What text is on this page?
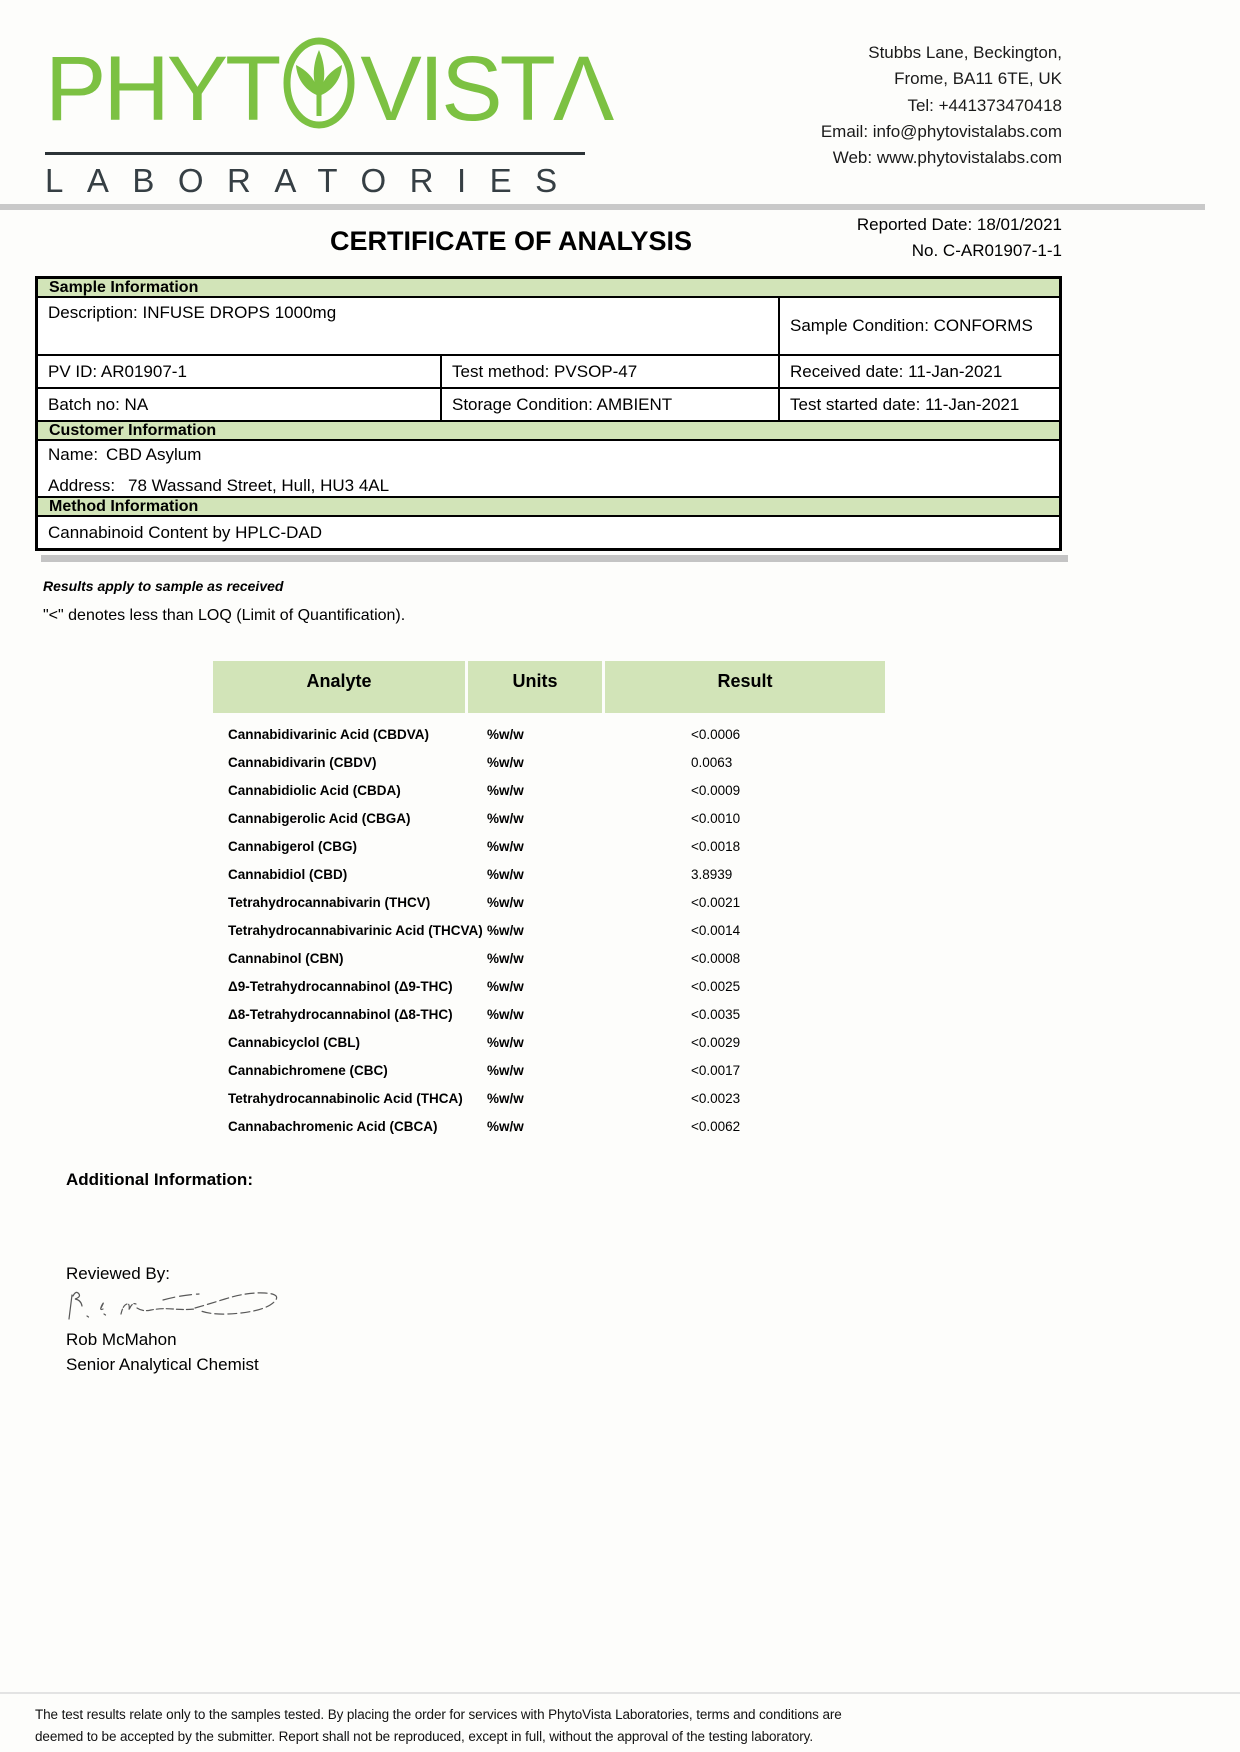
PHYT VIST Λ
LABORATORIES
Stubbs Lane, Beckington,
Frome, BA11 6TE, UK
Tel: +441373470418
Email: info@phytovistalabs.com
Web: www.phytovistalabs.com
CERTIFICATE OF ANALYSIS
Reported Date: 18/01/2021
No. C-AR01907-1-1
Sample Information
Description: INFUSE DROPS 1000mg
Sample Condition: CONFORMS
PV ID: AR01907-1	Test method: PVSOP-47	Received date: 11-Jan-2021
Batch no: NA	Storage Condition: AMBIENT	Test started date: 11-Jan-2021
Customer Information
Name: CBD Asylum
Address: 78 Wassand Street, Hull, HU3 4AL
Method Information
Cannabinoid Content by HPLC-DAD
Results apply to sample as received
"<" denotes less than LOQ (Limit of Quantification).
Analyte	Units	Result
Cannabidivarinic Acid (CBDVA)	%w/w	<0.0006
Cannabidivarin (CBDV)	%w/w	0.0063
Cannabidiolic Acid (CBDA)	%w/w	<0.0009
Cannabigerolic Acid (CBGA)	%w/w	<0.0010
Cannabigerol (CBG)	%w/w	<0.0018
Cannabidiol (CBD)	%w/w	3.8939
Tetrahydrocannabivarin (THCV)	%w/w	<0.0021
Tetrahydrocannabivarinic Acid (THCVA) %w/w	<0.0014
Cannabinol (CBN)	%w/w	<0.0008
Δ9-Tetrahydrocannabinol (Δ9-THC)	%w/w	<0.0025
Δ8-Tetrahydrocannabinol (Δ8-THC)	%w/w	<0.0035
Cannabicyclol (CBL)	%w/w	<0.0029
Cannabichromene (CBC)	%w/w	<0.0017
Tetrahydrocannabinolic Acid (THCA)	%w/w	<0.0023
Cannabachromenic Acid (CBCA)	%w/w	<0.0062
Additional Information:
Reviewed By:
Rob McMahon
Senior Analytical Chemist
The test results relate only to the samples tested. By placing the order for services with PhytoVista Laboratories, terms and conditions are
deemed to be accepted by the submitter. Report shall not be reproduced, except in full, without the approval of the testing laboratory.
